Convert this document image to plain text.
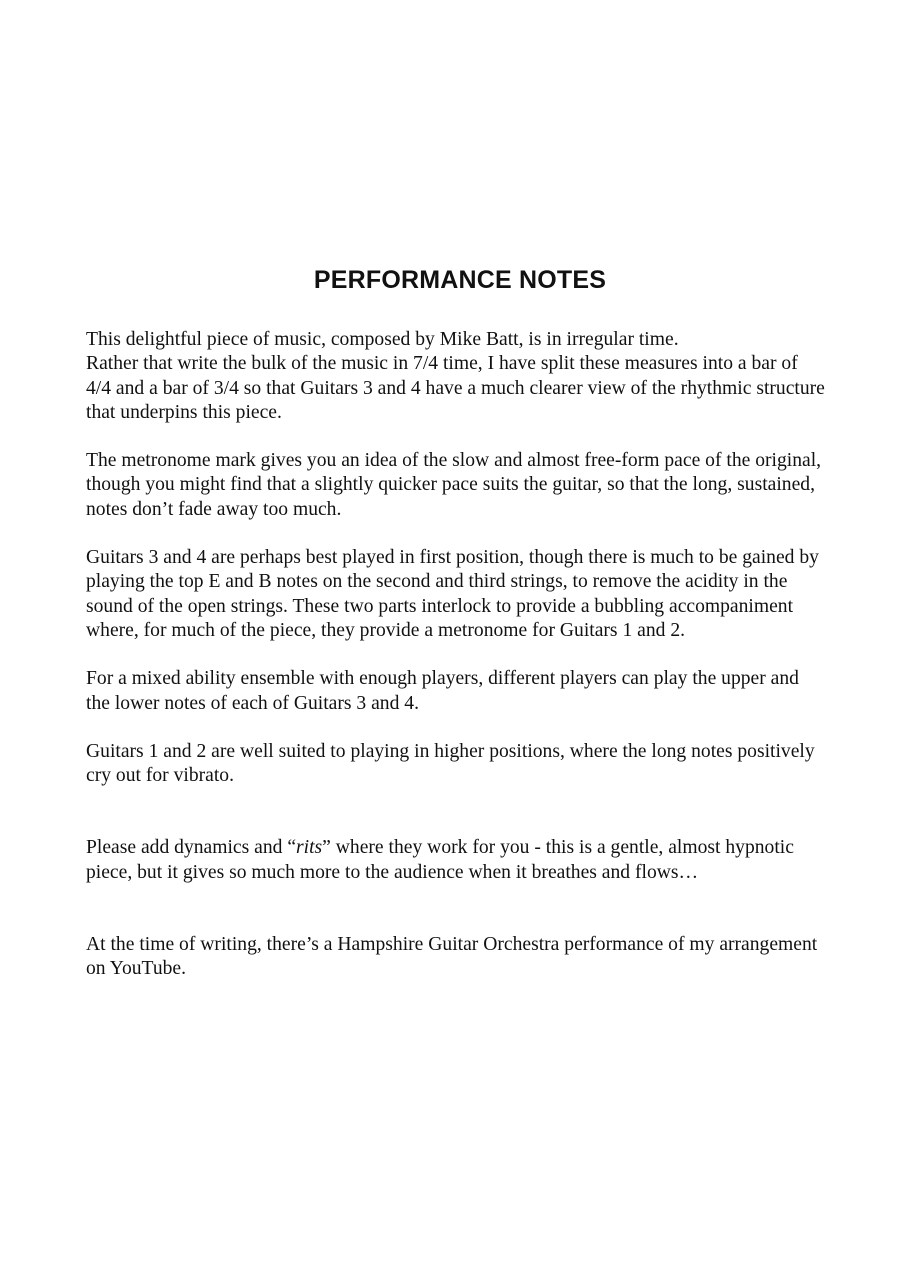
PERFORMANCE NOTES

This delightful piece of music, composed by Mike Batt, is in irregular time.
Rather that write the bulk of the music in 7/4 time, I have split these measures into a bar of 4/4 and a bar of 3/4 so that Guitars 3 and 4 have a much clearer view of the rhythmic structure that underpins this piece.

The metronome mark gives you an idea of the slow and almost free-form pace of the original, though you might find that a slightly quicker pace suits the guitar, so that the long, sustained, notes don’t fade away too much.

Guitars 3 and 4 are perhaps best played in first position, though there is much to be gained by playing the top E and B notes on the second and third strings, to remove the acidity in the sound of the open strings. These two parts interlock to provide a bubbling accompaniment where, for much of the piece, they provide a metronome for Guitars 1 and 2.

For a mixed ability ensemble with enough players, different players can play the upper and the lower notes of each of Guitars 3 and 4.

Guitars 1 and 2 are well suited to playing in higher positions, where the long notes positively cry out for vibrato.

Please add dynamics and “rits” where they work for you - this is a gentle, almost hypnotic piece, but it gives so much more to the audience when it breathes and flows…

At the time of writing, there’s a Hampshire Guitar Orchestra performance of my arrangement on YouTube.
